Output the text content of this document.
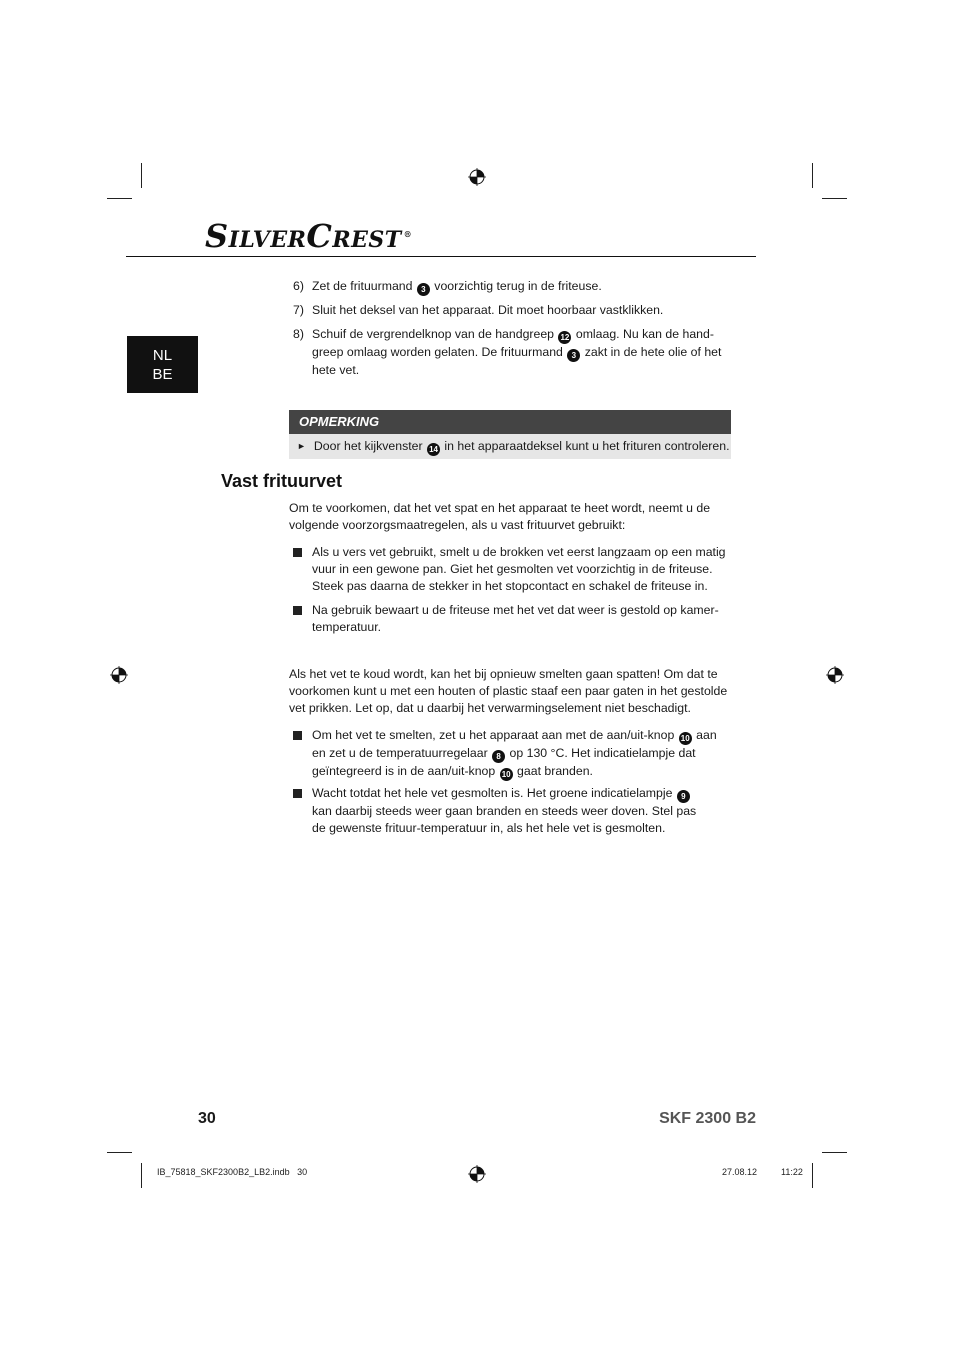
SILVERCREST ®
NL
BE
6) Zet de frituurmand 3 voorzichtig terug in de friteuse.
7) Sluit het deksel van het apparaat. Dit moet hoorbaar vastklikken.
8) Schuif de vergrendelknop van de handgreep 12 omlaag. Nu kan de hand-
greep omlaag worden gelaten. De frituurmand 3 zakt in de hete olie of het
hete vet.
OPMERKING
► Door het kijkvenster 14 in het apparaatdeksel kunt u het frituren controleren.
Vast frituurvet
Om te voorkomen, dat het vet spat en het apparaat te heet wordt, neemt u de
volgende voorzorgsmaatregelen, als u vast frituurvet gebruikt:
Als u vers vet gebruikt, smelt u de brokken vet eerst langzaam op een matig
vuur in een gewone pan. Giet het gesmolten vet voorzichtig in de friteuse.
Steek pas daarna de stekker in het stopcontact en schakel de friteuse in.
Na gebruik bewaart u de friteuse met het vet dat weer is gestold op kamer-
temperatuur.
Als het vet te koud wordt, kan het bij opnieuw smelten gaan spatten! Om dat te
voorkomen kunt u met een houten of plastic staaf een paar gaten in het gestolde
vet prikken. Let op, dat u daarbij het verwarmingselement niet beschadigt.
Om het vet te smelten, zet u het apparaat aan met de aan/uit-knop 10 aan
en zet u de temperatuurregelaar 8 op 130 °C. Het indicatielampje dat
geïntegreerd is in de aan/uit-knop 10 gaat branden.
Wacht totdat het hele vet gesmolten is. Het groene indicatielampje 9
kan daarbij steeds weer gaan branden en steeds weer doven. Stel pas
de gewenste frituur-temperatuur in, als het hele vet is gesmolten.
30	SKF 2300 B2
IB_75818_SKF2300B2_LB2.indb   30	27.08.12	11:22
